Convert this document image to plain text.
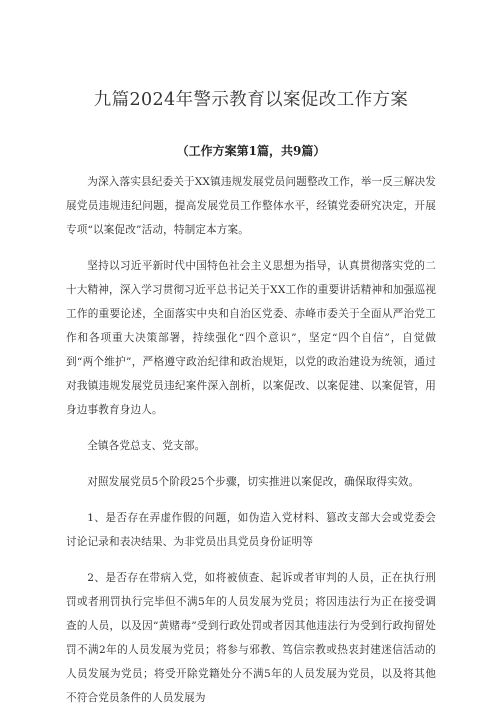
九篇2024年警示教育以案促改工作方案
（工作方案第1篇，共9篇）

为深入落实县纪委关于XX镇违规发展党员问题整改工作，举一反三解决发展党员违规违纪问题，提高发展党员工作整体水平，经镇党委研究决定，开展专项“以案促改”活动，特制定本方案。

坚持以习近平新时代中国特色社会主义思想为指导，认真贯彻落实党的二十大精神，深入学习贯彻习近平总书记关于XX工作的重要讲话精神和加强巡视工作的重要论述，全面落实中央和自治区党委、赤峰市委关于全面从严治党工作和各项重大决策部署，持续强化“四个意识”，坚定“四个自信”，自觉做到“两个维护”，严格遵守政治纪律和政治规矩，以党的政治建设为统领，通过对我镇违规发展党员违纪案件深入剖析，以案促改、以案促建、以案促管，用身边事教育身边人。

全镇各党总支、党支部。

对照发展党员5个阶段25个步骤，切实推进以案促改，确保取得实效。

1、是否存在弄虚作假的问题，如伪造入党材料、篡改支部大会或党委会讨论记录和表决结果、为非党员出具党员身份证明等

2、是否存在带病入党，如将被侦查、起诉或者审判的人员，正在执行刑罚或者刑罚执行完毕但不满5年的人员发展为党员；将因违法行为正在接受调查的人员，以及因“黄赌毒”受到行政处罚或者因其他违法行为受到行政拘留处罚不满2年的人员发展为党员；将参与邪教、笃信宗教或热衷封建迷信活动的人员发展为党员；将受开除党籍处分不满5年的人员发展为党员，以及将其他不符合党员条件的人员发展为
